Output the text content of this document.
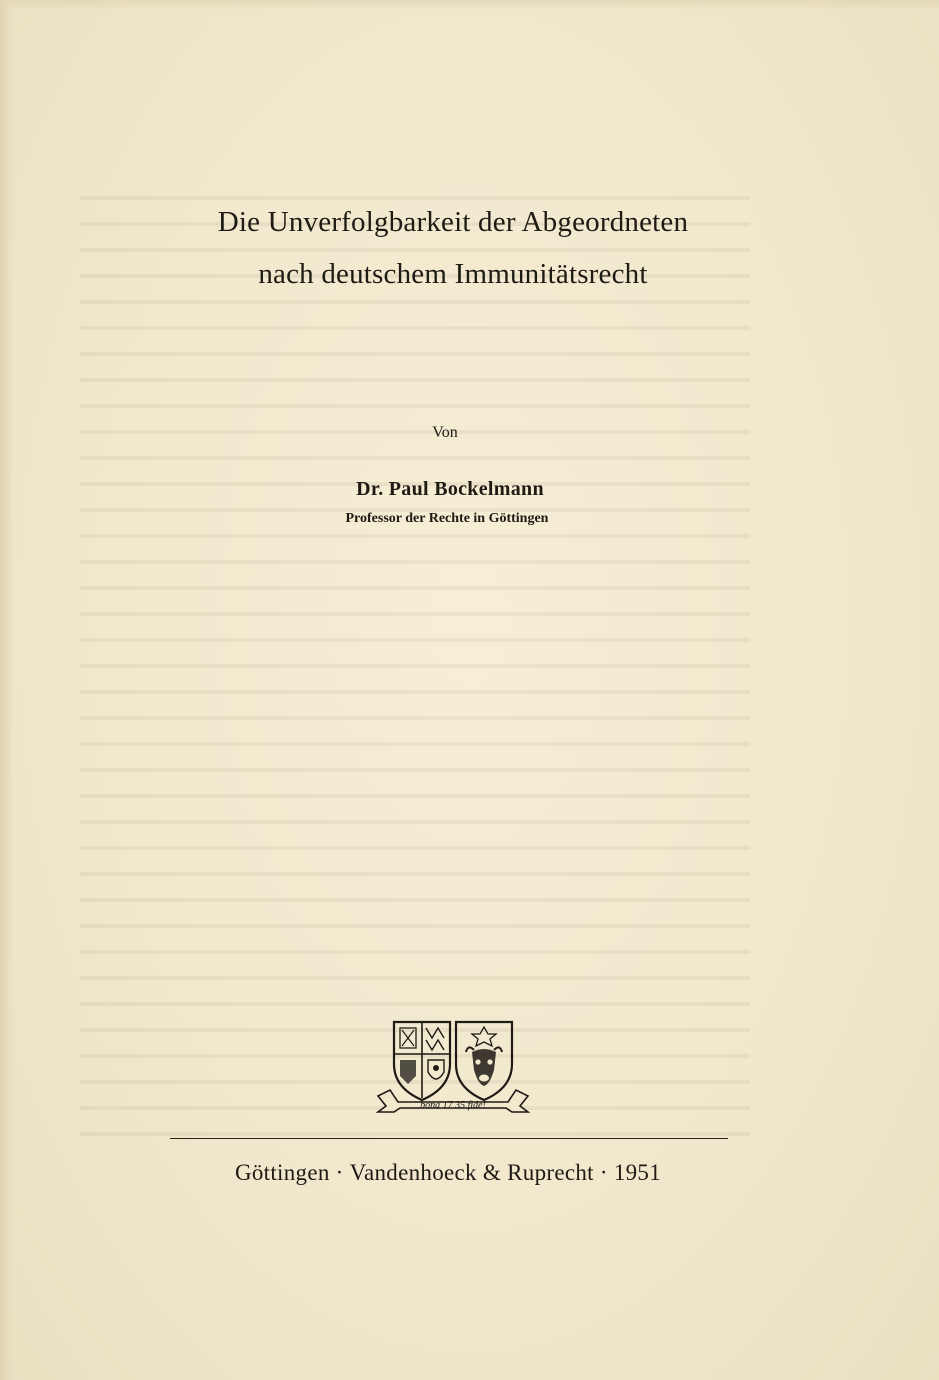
Die Unverfolgbarkeit der Abgeordneten
nach deutschem Immunitätsrecht
Von
Dr. Paul Bockelmann
Professor der Rechte in Göttingen
bona 17 35 fide!
Göttingen · Vandenhoeck & Ruprecht · 1951
